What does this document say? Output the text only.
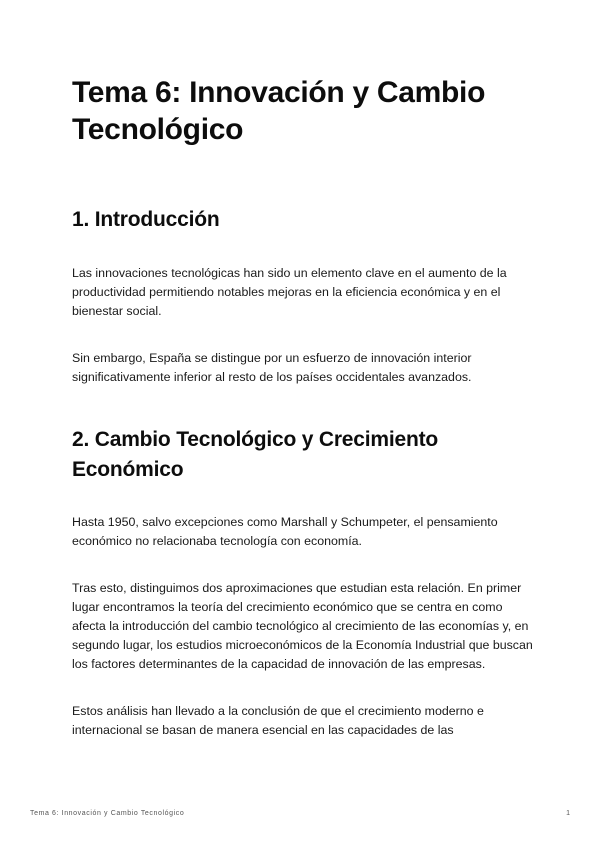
Tema 6: Innovación y Cambio Tecnológico
1. Introducción

Las innovaciones tecnológicas han sido un elemento clave en el aumento de la productividad permitiendo notables mejoras en la eficiencia económica y en el bienestar social.

Sin embargo, España se distingue por un esfuerzo de innovación interior significativamente inferior al resto de los países occidentales avanzados.

2. Cambio Tecnológico y Crecimiento Económico

Hasta 1950, salvo excepciones como Marshall y Schumpeter, el pensamiento económico no relacionaba tecnología con economía.

Tras esto, distinguimos dos aproximaciones que estudian esta relación. En primer lugar encontramos la teoría del crecimiento económico que se centra en como afecta la introducción del cambio tecnológico al crecimiento de las economías y, en segundo lugar, los estudios microeconómicos de la Economía Industrial que buscan los factores determinantes de la capacidad de innovación de las empresas.

Estos análisis han llevado a la conclusión de que el crecimiento moderno e internacional se basan de manera esencial en las capacidades de las

Tema 6: Innovación y Cambio Tecnológico	1
